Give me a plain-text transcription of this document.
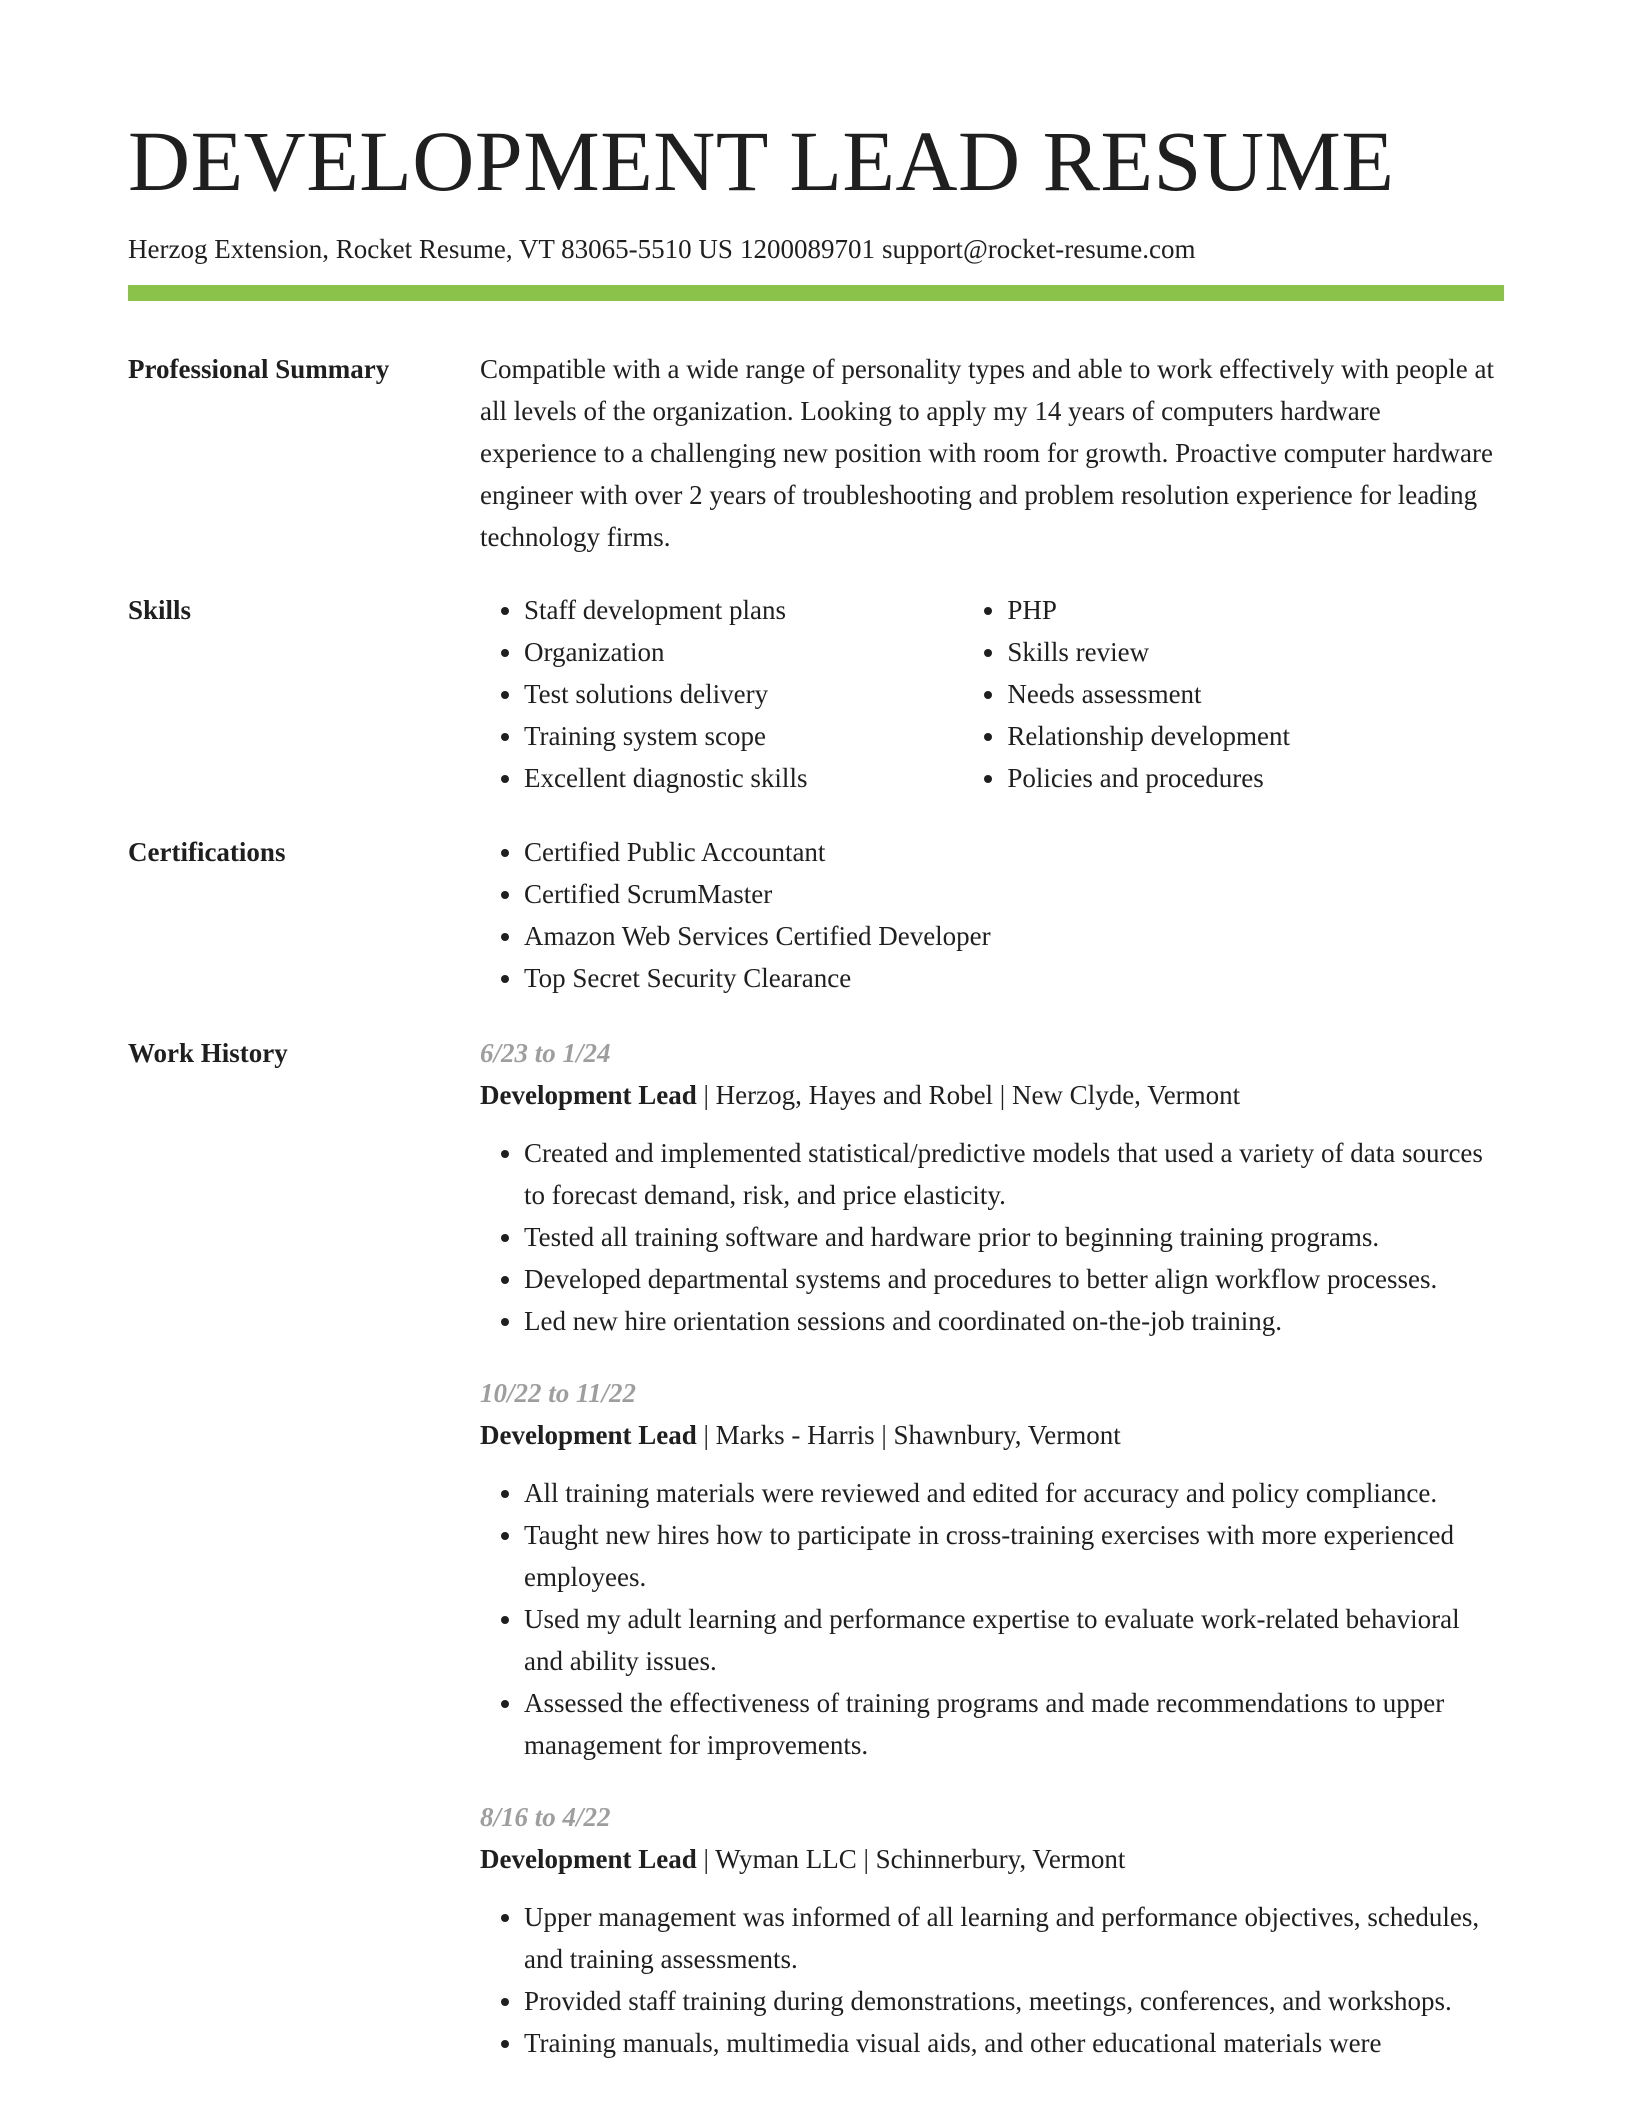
DEVELOPMENT LEAD RESUME
Herzog Extension, Rocket Resume, VT 83065-5510 US 1200089701 support@rocket-resume.com
Professional Summary	Compatible with a wide range of personality types and able to work effectively with people at all levels of the organization. Looking to apply my 14 years of computers hardware experience to a challenging new position with room for growth. Proactive computer hardware engineer with over 2 years of troubleshooting and problem resolution experience for leading technology firms.

Skills	• Staff development plans
• Organization
• Test solutions delivery
• Training system scope
• Excellent diagnostic skills
• PHP
• Skills review
• Needs assessment
• Relationship development
• Policies and procedures
Certifications	• Certified Public Accountant
• Certified ScrumMaster
• Amazon Web Services Certified Developer
• Top Secret Security Clearance
Work History	6/23 to 1/24
Development Lead | Herzog, Hayes and Robel | New Clyde, Vermont
• Created and implemented statistical/predictive models that used a variety of data sources to forecast demand, risk, and price elasticity.
• Tested all training software and hardware prior to beginning training programs.
• Developed departmental systems and procedures to better align workflow processes.
• Led new hire orientation sessions and coordinated on-the-job training.
10/22 to 11/22
Development Lead | Marks - Harris | Shawnbury, Vermont
• All training materials were reviewed and edited for accuracy and policy compliance.
• Taught new hires how to participate in cross-training exercises with more experienced employees.
• Used my adult learning and performance expertise to evaluate work-related behavioral and ability issues.
• Assessed the effectiveness of training programs and made recommendations to upper management for improvements.
8/16 to 4/22
Development Lead | Wyman LLC | Schinnerbury, Vermont
• Upper management was informed of all learning and performance objectives, schedules, and training assessments.
• Provided staff training during demonstrations, meetings, conferences, and workshops.
• Training manuals, multimedia visual aids, and other educational materials were
